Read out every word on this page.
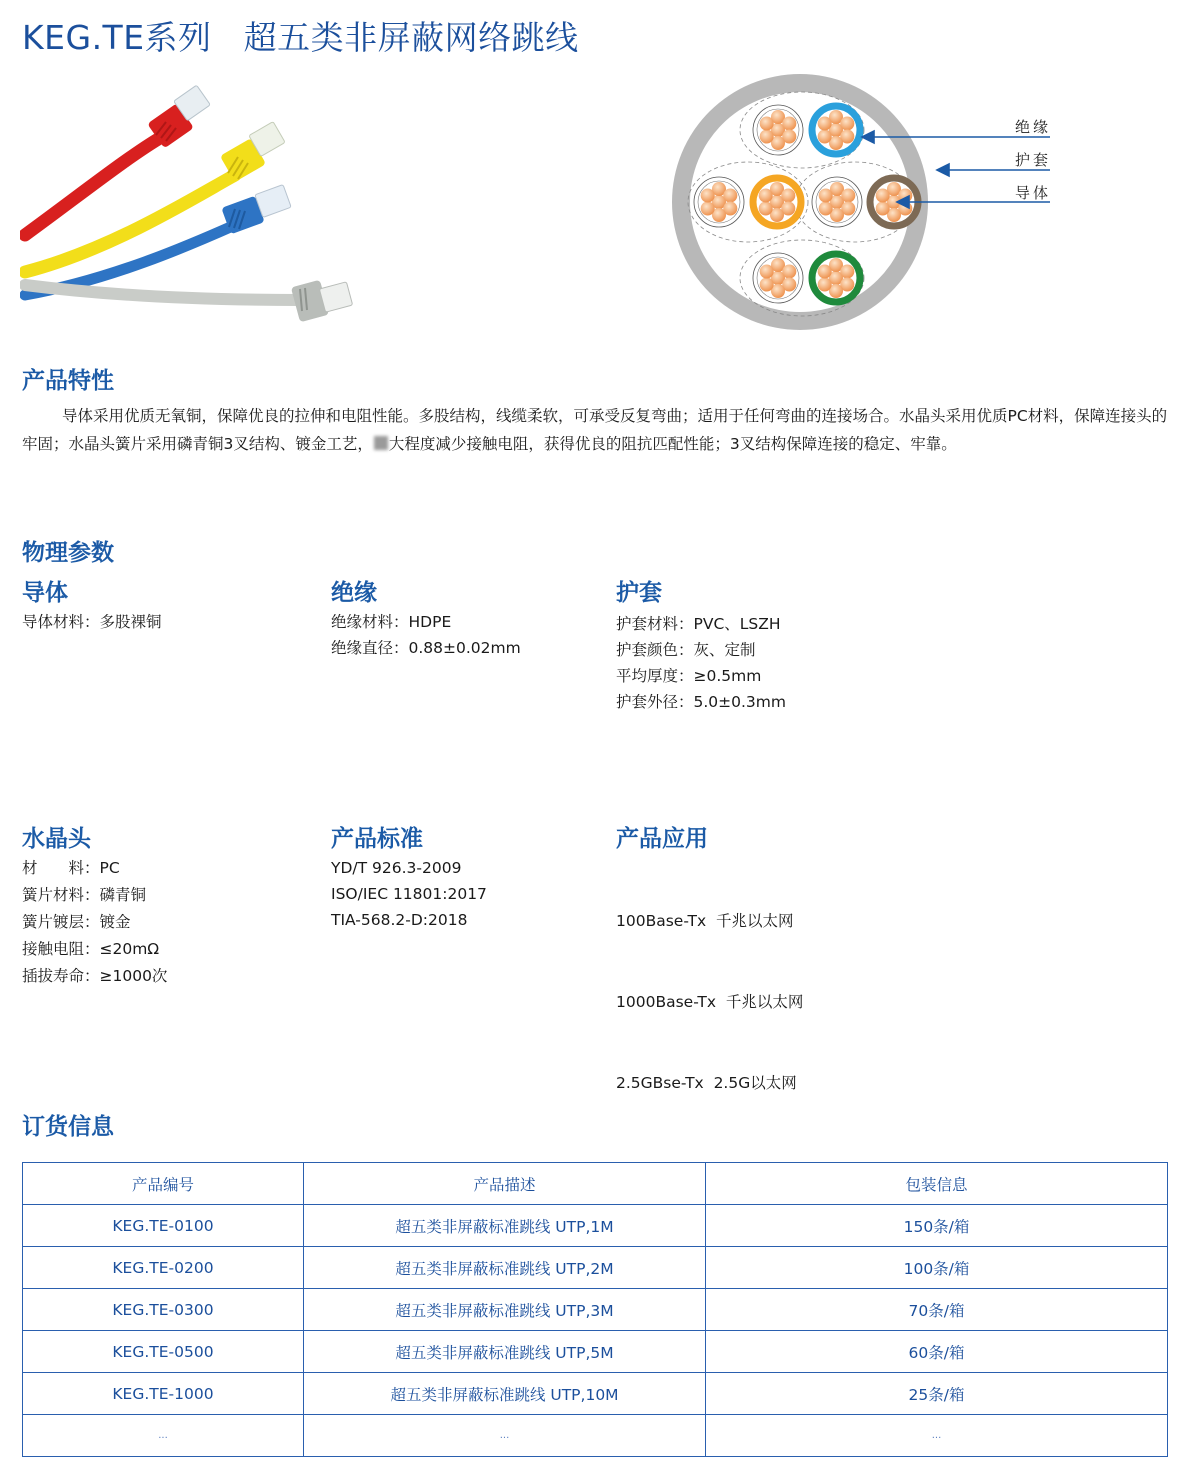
KEG.TE系列 超五类非屏蔽网络跳线
绝缘
护套
导体
产品特性

导体采用优质无氧铜，保障优良的拉伸和电阻性能。多股结构，线缆柔软，可承受反复弯曲；适用于任何弯曲的连接场合。水晶头采用优质PC材料，保障连接头的牢固；水晶头簧片采用磷青铜3叉结构、镀金工艺， 大程度减少接触电阻，获得优良的阻抗匹配性能；3叉结构保障连接的稳定、牢靠。

物理参数
导体
导体材料：多股裸铜
绝缘
绝缘材料：HDPE
绝缘直径：0.88±0.02mm
护套
护套材料：PVC、LSZH
护套颜色：灰、定制
平均厚度：≥0.5mm
护套外径：5.0±0.3mm
水晶头
材　　料：PC
簧片材料：磷青铜
簧片镀层：镀金
接触电阻：≤20mΩ
插拔寿命：≥1000次
产品标准
YD/T 926.3-2009
ISO/IEC 11801:2017
TIA-568.2-D:2018
产品应用

100Base-Tx  千兆以太网

1000Base-Tx  千兆以太网

2.5GBse-Tx  2.5G以太网

订货信息
产品编号	产品描述	包装信息
KEG.TE-0100	超五类非屏蔽标准跳线 UTP,1M	150条/箱
KEG.TE-0200	超五类非屏蔽标准跳线 UTP,2M	100条/箱
KEG.TE-0300	超五类非屏蔽标准跳线 UTP,3M	70条/箱
KEG.TE-0500	超五类非屏蔽标准跳线 UTP,5M	60条/箱
KEG.TE-1000	超五类非屏蔽标准跳线 UTP,10M	25条/箱
...	...	...
